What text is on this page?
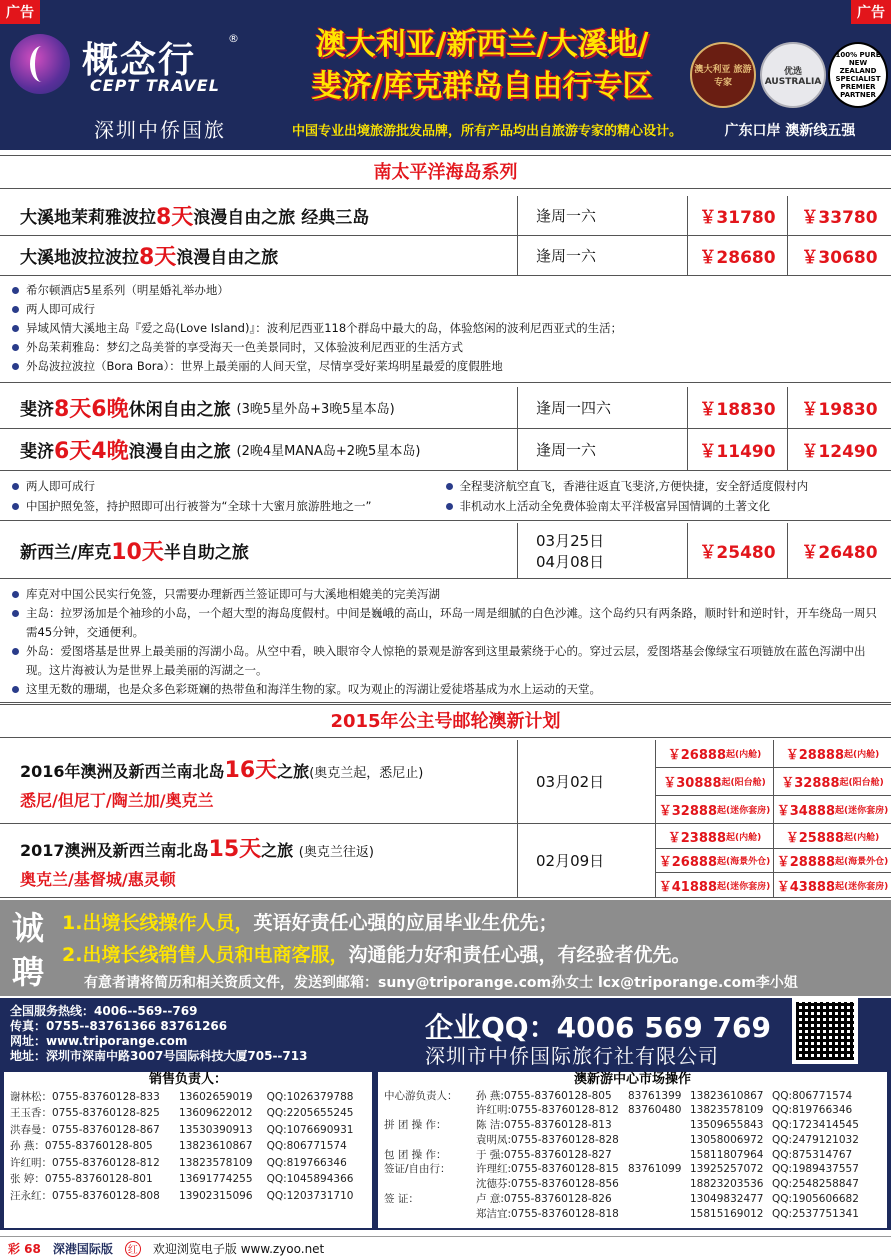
概念行
®
CEPT TRAVEL
深圳中侨国旅
澳大利亚/新西兰/大溪地/
斐济/库克群岛自由行专区	澳大利亚 旅游专家
优选 AUSTRALIA
100% PURE NEW ZEALAND SPECIALIST PREMIER PARTNER
中国专业出境旅游批发品牌，所有产品均出自旅游专家的精心设计。	广东口岸 澳新线五强
广告	广告
南太平洋海岛系列
大溪地茉莉雅波拉 8天 浪漫自由之旅 经典三岛	逢周一六	￥31780	￥33780
大溪地波拉波拉 8天 浪漫自由之旅	逢周一六	￥28680	￥30680
希尔顿酒店5星系列（明星婚礼举办地）
两人即可成行
异域风情大溪地主岛『爱之岛(Love Island)』：波利尼西亚118个群岛中最大的岛，体验悠闲的波利尼西亚式的生活；
外岛茉莉雅岛：梦幻之岛美誉的享受海天一色美景同时，又体验波利尼西亚的生活方式
外岛波拉波拉（Bora Bora）：世界上最美丽的人间天堂，尽情享受好莱坞明星最爱的度假胜地
斐济 8天6晚 休闲自由之旅
(3晚5星外岛+3晚5星本岛)	逢周一四六	￥18830	￥19830
斐济 6天4晚 浪漫自由之旅
(2晚4星MANA岛+2晚5星本岛)	逢周一六	￥11490	￥12490
两人即可成行	全程斐济航空直飞，香港往返直飞斐济,方便快捷，安全舒适度假村内
中国护照免签，持护照即可出行被誉为“全球十大蜜月旅游胜地之一”	非机动水上活动全免费体验南太平洋极富异国情调的土著文化
新西兰/库克 10天 半自助之旅
03月25日
04月08日	￥25480	￥26480
库克对中国公民实行免签，只需要办理新西兰签证即可与大溪地相媲美的完美泻湖
主岛：拉罗汤加是个袖珍的小岛，一个超大型的海岛度假村。中间是巍峨的高山，环岛一周是细腻的白色沙滩。这个岛约只有两条路，顺时针和逆时针，开车绕岛一周只需45分钟，交通便利。
外岛：爱图塔基是世界上最美丽的泻湖小岛。从空中看，映入眼帘令人惊艳的景观是游客到这里最萦绕于心的。穿过云层，爱图塔基会像绿宝石项链放在蓝色泻湖中出现。这片海被认为是世界上最美丽的泻湖之一。
这里无数的珊瑚，也是众多色彩斑斓的热带鱼和海洋生物的家。叹为观止的泻湖让爱徒塔基成为水上运动的天堂。
2015年公主号邮轮澳新计划
2016年澳洲及新西兰南北岛16天之旅(奥克兰起，悉尼止)
悉尼/但尼丁/陶兰加/奥克兰
03月02日
￥26888 起(内舱) ￥28888 起(内舱)
￥30888 起(阳台舱) ￥32888 起(阳台舱)
￥32888 起(迷你套房) ￥34888 起(迷你套房)
2017澳洲及新西兰南北岛15天之旅 (奥克兰往返)
奥克兰/基督城/惠灵顿
02月09日
￥23888 起(内舱) ￥25888 起(内舱)
￥26888 起(海景外仓) ￥28888 起(海景外仓)
￥41888 起(迷你套房) ￥43888 起(迷你套房)
诚
聘
1.出境长线操作人员，英语好责任心强的应届毕业生优先；
2.出境长线销售人员和电商客服，沟通能力好和责任心强，有经验者优先。
有意者请将简历和相关资质文件，发送到邮箱：suny@triporange.com孙女士 lcx@triporange.com李小姐
全国服务热线：4006--569--769
传真：0755--83761366 83761266
网址：www.triporange.com
地址：深圳市深南中路3007号国际科技大厦705--713
企业QQ：4006 569 769
深圳市中侨国际旅行社有限公司
销售负责人：
谢林松：0755-83760128-833	13602659019	QQ:1026379788
王玉香：0755-83760128-825	13609622012	QQ:2205655245
洪春曼：0755-83760128-867	13530390913	QQ:1076690931
孙 燕：0755-83760128-805	13823610867	QQ:806771574
许红明：0755-83760128-812	13823578109	QQ:819766346
张 婷：0755-83760128-801	13691774255	QQ:1045894366
汪永红：0755-83760128-808	13902315096	QQ:1203731710
澳新游中心市场操作
中心游负责人：	孙 燕:0755-83760128-805	83761399 13823610867 QQ:806771574
许红明:0755-83760128-812 83760480 13823578109 QQ:819766346
拼 团 操 作：	陈 洁:0755-83760128-813	13509655843 QQ:1723414545
袁明凤:0755-83760128-828	13058006972 QQ:2479121032
包 团 操 作：	于 强:0755-83760128-827	15811807964 QQ:875314767
签证/自由行：	许理红:0755-83760128-815 83761099 13925257072 QQ:1989437557
沈德芬:0755-83760128-856	18823203536 QQ:2548258847
签 证：	卢 意:0755-83760128-826	13049832477 QQ:1905606682
郑洁宜:0755-83760128-818	15815169012 QQ:2537751341
彩 68 深港国际版	红 欢迎浏览电子版 www.zyoo.net
